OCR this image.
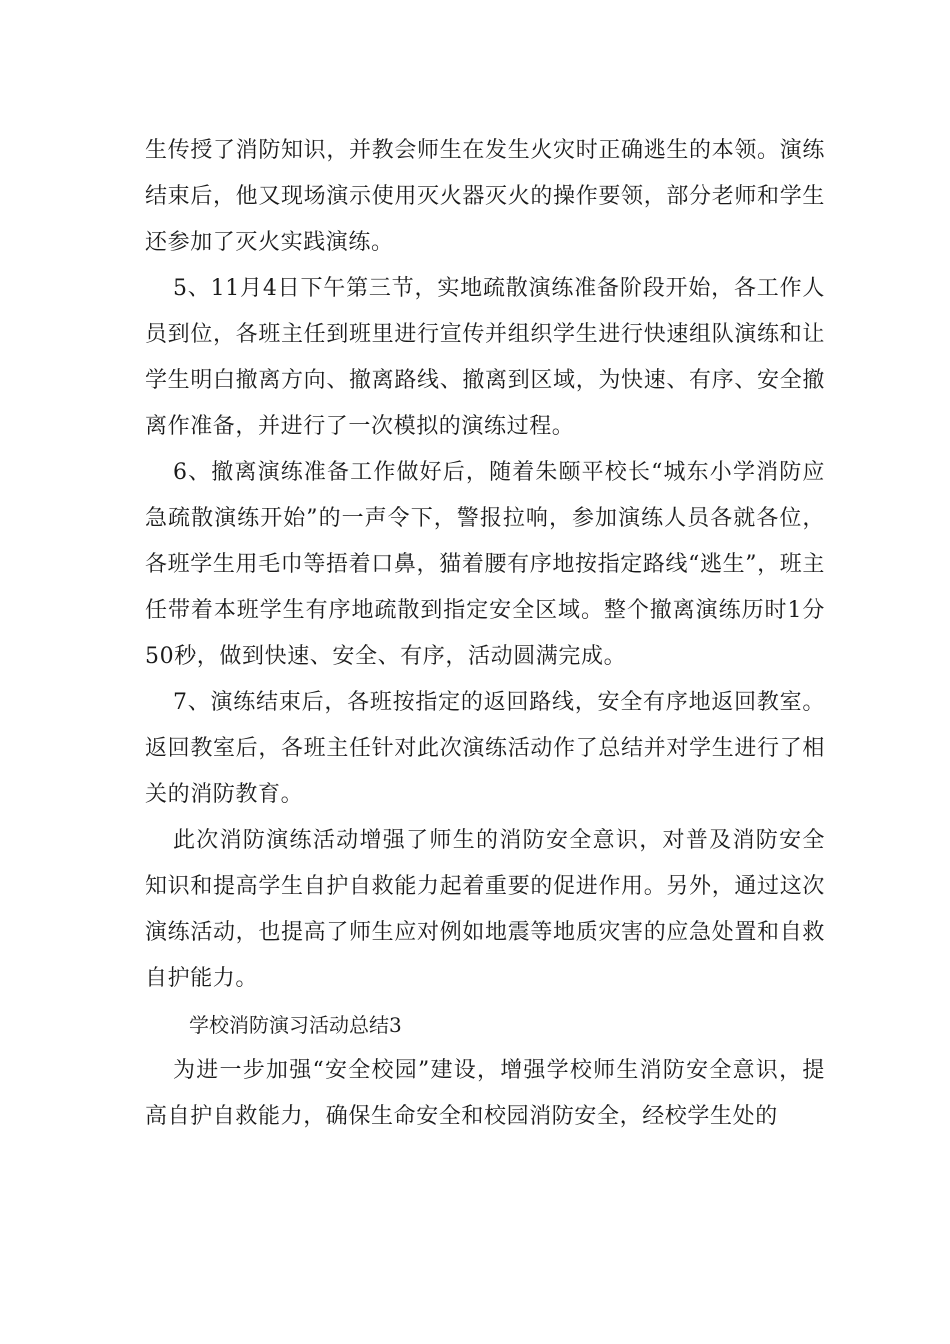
生传授了消防知识，并教会师生在发生火灾时正确逃生的本领。演练结束后，他又现场演示使用灭火器灭火的操作要领，部分老师和学生还参加了灭火实践演练。

5、11月4日下午第三节，实地疏散演练准备阶段开始，各工作人员到位，各班主任到班里进行宣传并组织学生进行快速组队演练和让学生明白撤离方向、撤离路线、撤离到区域，为快速、有序、安全撤离作准备，并进行了一次模拟的演练过程。

6、撤离演练准备工作做好后，随着朱颐平校长“城东小学消防应急疏散演练开始”的一声令下，警报拉响，参加演练人员各就各位，各班学生用毛巾等捂着口鼻，猫着腰有序地按指定路线“逃生”，班主任带着本班学生有序地疏散到指定安全区域。整个撤离演练历时1分50秒，做到快速、安全、有序，活动圆满完成。

7、演练结束后，各班按指定的返回路线，安全有序地返回教室。返回教室后，各班主任针对此次演练活动作了总结并对学生进行了相关的消防教育。

此次消防演练活动增强了师生的消防安全意识，对普及消防安全知识和提高学生自护自救能力起着重要的促进作用。另外，通过这次演练活动，也提高了师生应对例如地震等地质灾害的应急处置和自救自护能力。

学校消防演习活动总结3

为进一步加强“安全校园”建设，增强学校师生消防安全意识，提高自护自救能力，确保生命安全和校园消防安全，经校学生处的
